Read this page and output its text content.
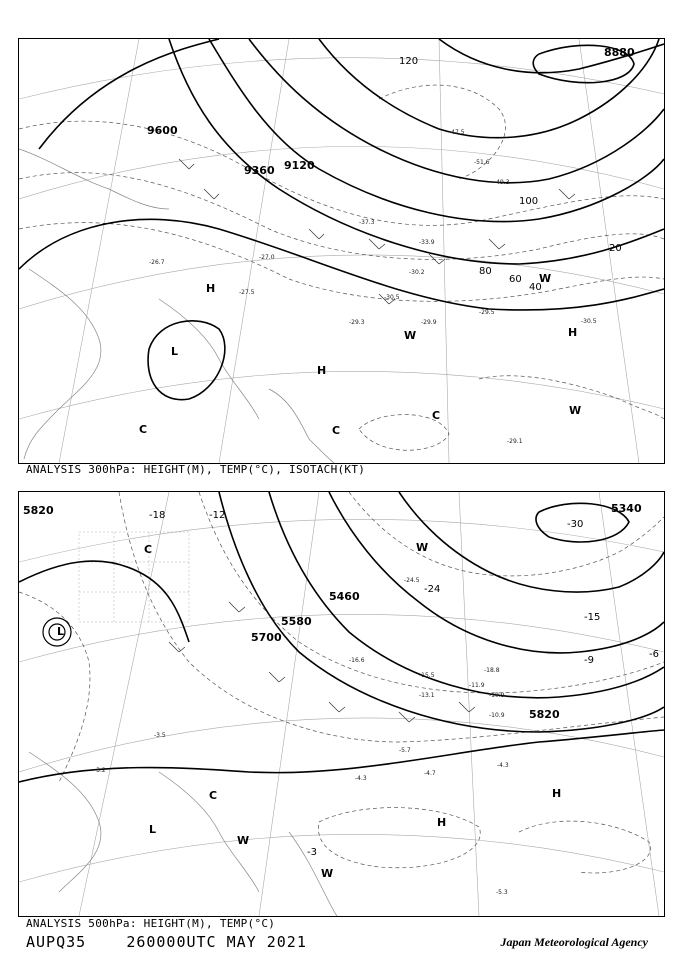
9600
9360 9120
8880
120
100
80
60
40
20
H
L
H
H
C	C
C
W
W
W
-51.6
-47.5
-49.3
-37.3
-33.9
-30.2
-30.5
-29.5
-29.9
-29.3
-27.5
-27.0
-26.7
-30.5
-29.1
ANALYSIS 300hPa: HEIGHT(M), TEMP(°C), ISOTACH(KT)
5820
5700
5580
5460
5340
5820
-30
-24
-18
-15
-12
-9
-6
-3
L
L
H
H
W
W
W
C
C
-24.5
-18.8
-16.6
-15.5
-13.1
-11.9
-10.9
-10.9
-5.7
-4.7
-4.3
-4.3
-3.2
-3.5
-5.3
ANALYSIS 500hPa: HEIGHT(M), TEMP(°C)
AUPQ35	260000UTC MAY 2021	Japan Meteorological Agency
